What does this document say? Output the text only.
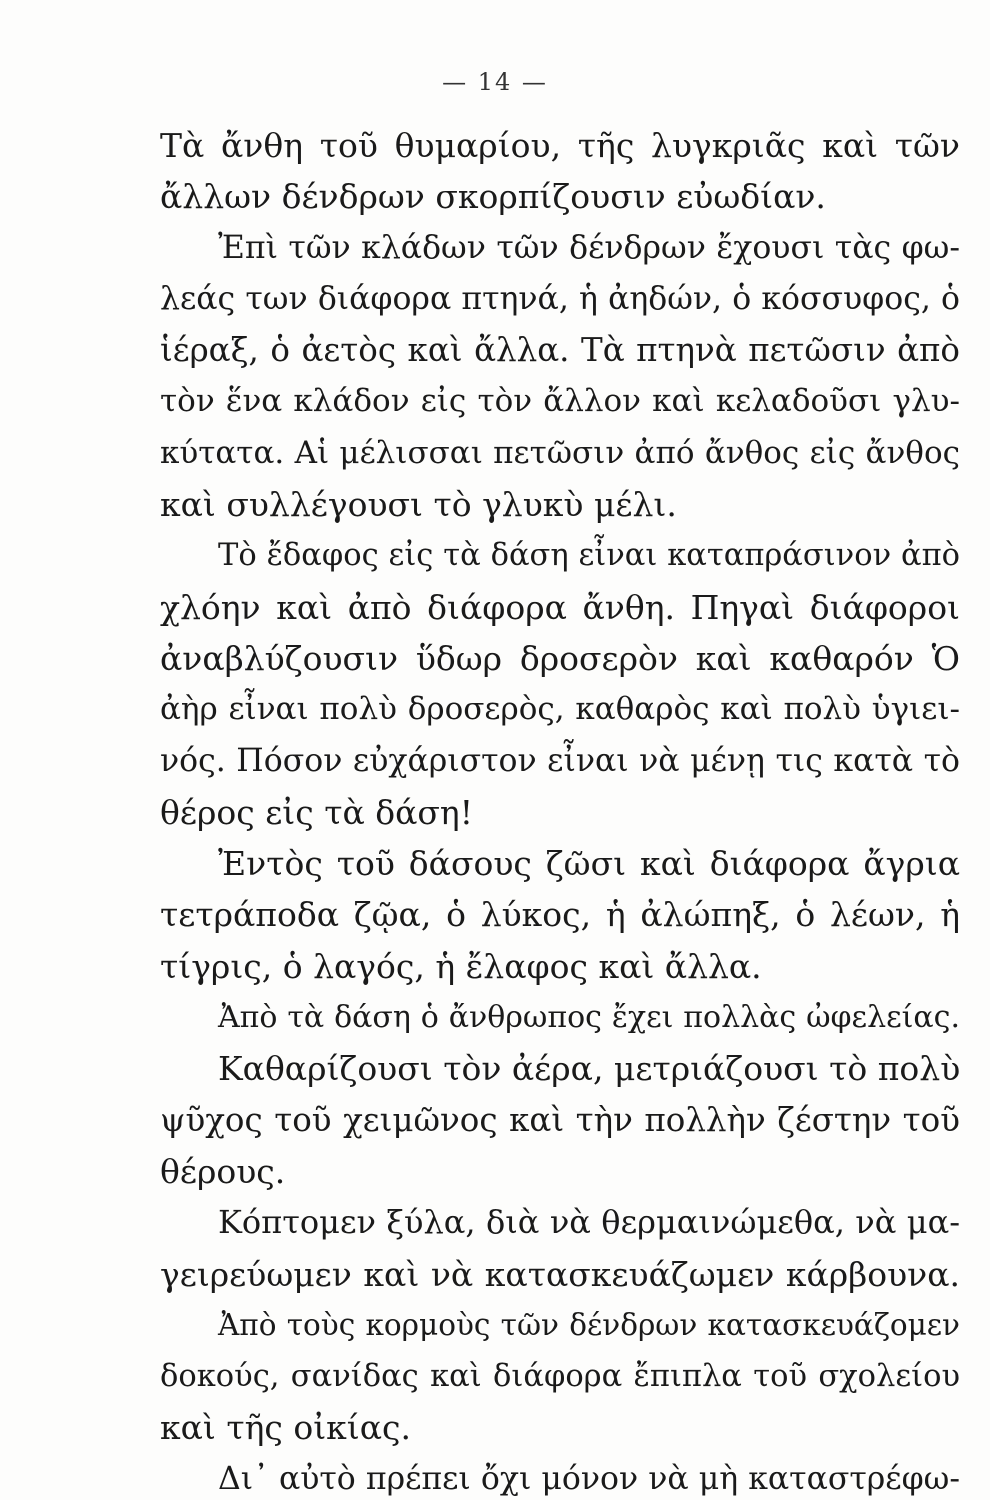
— 14 —
Τὰ ἄνθη τοῦ θυμαρίου, τῆς λυγκριᾶς καὶ τῶν
ἄλλων δένδρων σκορπίζουσιν εὐωδίαν.
Ἐπὶ τῶν κλάδων τῶν δένδρων ἔχουσι τὰς φω-
λεάς των διάφορα πτηνά, ἡ ἀηδών, ὁ κόσσυφος, ὁ
ἱέραξ, ὁ ἀετὸς καὶ ἄλλα. Τὰ πτηνὰ πετῶσιν ἀπὸ
τὸν ἕνα κλάδον εἰς τὸν ἄλλον καὶ κελαδοῦσι γλυ-
κύτατα. Αἱ μέλισσαι πετῶσιν ἀπό ἄνθος εἰς ἄνθος
καὶ συλλέγουσι τὸ γλυκὺ μέλι.
Τὸ ἔδαφος εἰς τὰ δάση εἶναι καταπράσινον ἀπὸ
χλόην καὶ ἀπὸ διάφορα ἄνθη. Πηγαὶ διάφοροι
ἀναβλύζουσιν ὕδωρ δροσερὸν καὶ καθαρόν Ὁ
ἀὴρ εἶναι πολὺ δροσερὸς, καθαρὸς καὶ πολὺ ὑγιει-
νός. Πόσον εὐχάριστον εἶναι νὰ μένῃ τις κατὰ τὸ
θέρος εἰς τὰ δάση!
Ἐντὸς τοῦ δάσους ζῶσι καὶ διάφορα ἄγρια
τετράποδα ζῷα, ὁ λύκος, ἡ ἀλώπηξ, ὁ λέων, ἡ
τίγρις, ὁ λαγός, ἡ ἔλαφος καὶ ἄλλα.
Ἀπὸ τὰ δάση ὁ ἄνθρωπος ἔχει πολλὰς ὠφελείας.
Καθαρίζουσι τὸν ἀέρα, μετριάζουσι τὸ πολὺ
ψῦχος τοῦ χειμῶνος καὶ τὴν πολλὴν ζέστην τοῦ
θέρους.
Κόπτομεν ξύλα, διὰ νὰ θερμαινώμεθα, νὰ μα-
γειρεύωμεν καὶ νὰ κατασκευάζωμεν κάρβουνα.
Ἀπὸ τοὺς κορμοὺς τῶν δένδρων κατασκευάζομεν
δοκούς, σανίδας καὶ διάφορα ἔπιπλα τοῦ σχολείου
καὶ τῆς οἰκίας.
Δι᾽ αὐτὸ πρέπει ὄχι μόνον νὰ μὴ καταστρέφω-
